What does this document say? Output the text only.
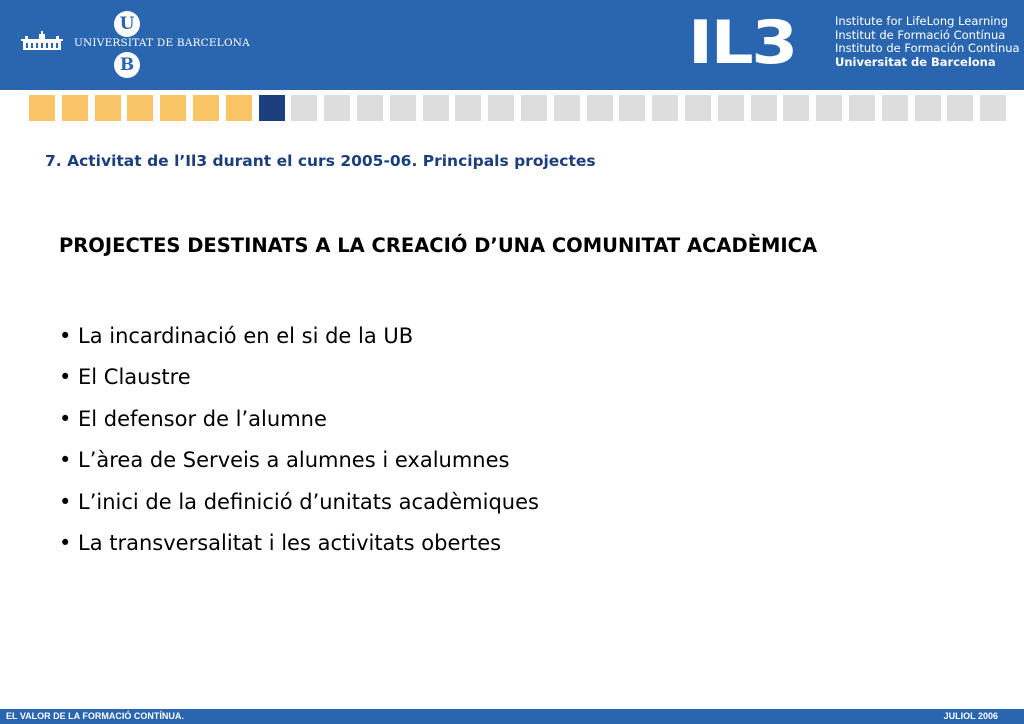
U
UNIVERSITAT DE BARCELONA
B	IL3	Institute for LifeLong Learning
Institut de Formació Contínua
Instituto de Formación Continua
Universitat de Barcelona
7. Activitat de l’Il3 durant el curs 2005-06. Principals projectes
PROJECTES DESTINATS A LA CREACIÓ D’UNA COMUNITAT ACADÈMICA
• La incardinació en el si de la UB
• El Claustre
• El defensor de l’alumne
• L’àrea de Serveis a alumnes i exalumnes
• L’inici de la definició d’unitats acadèmiques
• La transversalitat i les activitats obertes
EL VALOR DE LA FORMACIÓ CONTÍNUA.	JULIOL 2006
